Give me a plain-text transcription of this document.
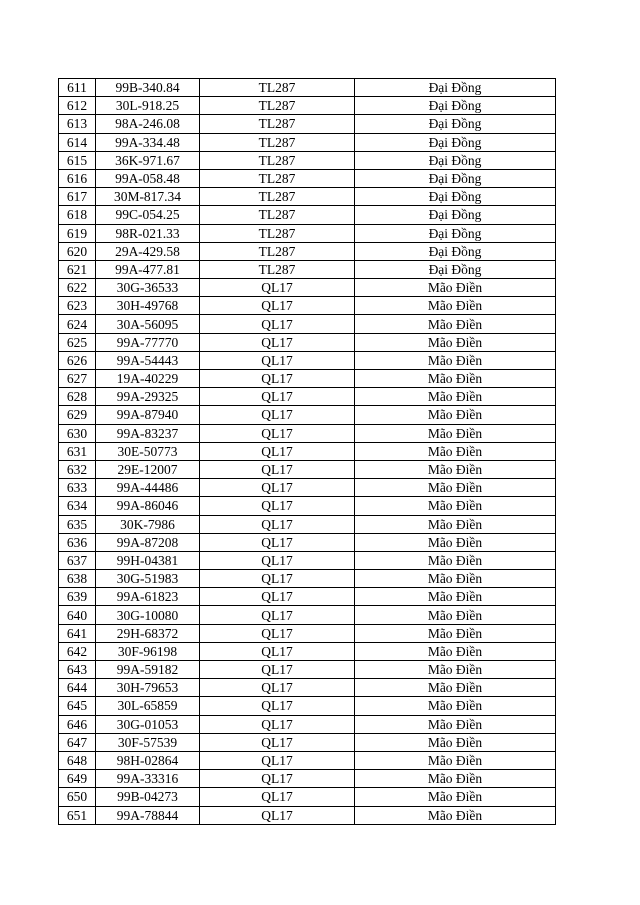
611	99B-340.84	TL287	Đại Đồng
612	30L-918.25	TL287	Đại Đồng
613	98A-246.08	TL287	Đại Đồng
614	99A-334.48	TL287	Đại Đồng
615	36K-971.67	TL287	Đại Đồng
616	99A-058.48	TL287	Đại Đồng
617	30M-817.34	TL287	Đại Đồng
618	99C-054.25	TL287	Đại Đồng
619	98R-021.33	TL287	Đại Đồng
620	29A-429.58	TL287	Đại Đồng
621	99A-477.81	TL287	Đại Đồng
622	30G-36533	QL17	Mão Điền
623	30H-49768	QL17	Mão Điền
624	30A-56095	QL17	Mão Điền
625	99A-77770	QL17	Mão Điền
626	99A-54443	QL17	Mão Điền
627	19A-40229	QL17	Mão Điền
628	99A-29325	QL17	Mão Điền
629	99A-87940	QL17	Mão Điền
630	99A-83237	QL17	Mão Điền
631	30E-50773	QL17	Mão Điền
632	29E-12007	QL17	Mão Điền
633	99A-44486	QL17	Mão Điền
634	99A-86046	QL17	Mão Điền
635	30K-7986	QL17	Mão Điền
636	99A-87208	QL17	Mão Điền
637	99H-04381	QL17	Mão Điền
638	30G-51983	QL17	Mão Điền
639	99A-61823	QL17	Mão Điền
640	30G-10080	QL17	Mão Điền
641	29H-68372	QL17	Mão Điền
642	30F-96198	QL17	Mão Điền
643	99A-59182	QL17	Mão Điền
644	30H-79653	QL17	Mão Điền
645	30L-65859	QL17	Mão Điền
646	30G-01053	QL17	Mão Điền
647	30F-57539	QL17	Mão Điền
648	98H-02864	QL17	Mão Điền
649	99A-33316	QL17	Mão Điền
650	99B-04273	QL17	Mão Điền
651	99A-78844	QL17	Mão Điền
